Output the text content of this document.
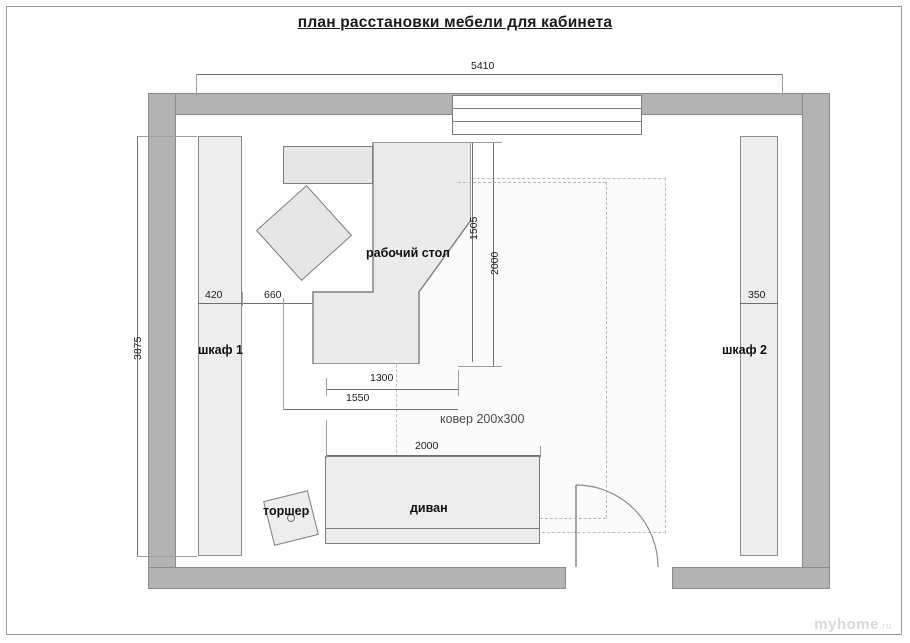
план расстановки мебели для кабинета
шкаф 1	шкаф 2
ковер 200х300
рабочий стол
диван
торшер
5410
3875
420	660	350
1505
2000
1300
1550
2000
myhome.ru
